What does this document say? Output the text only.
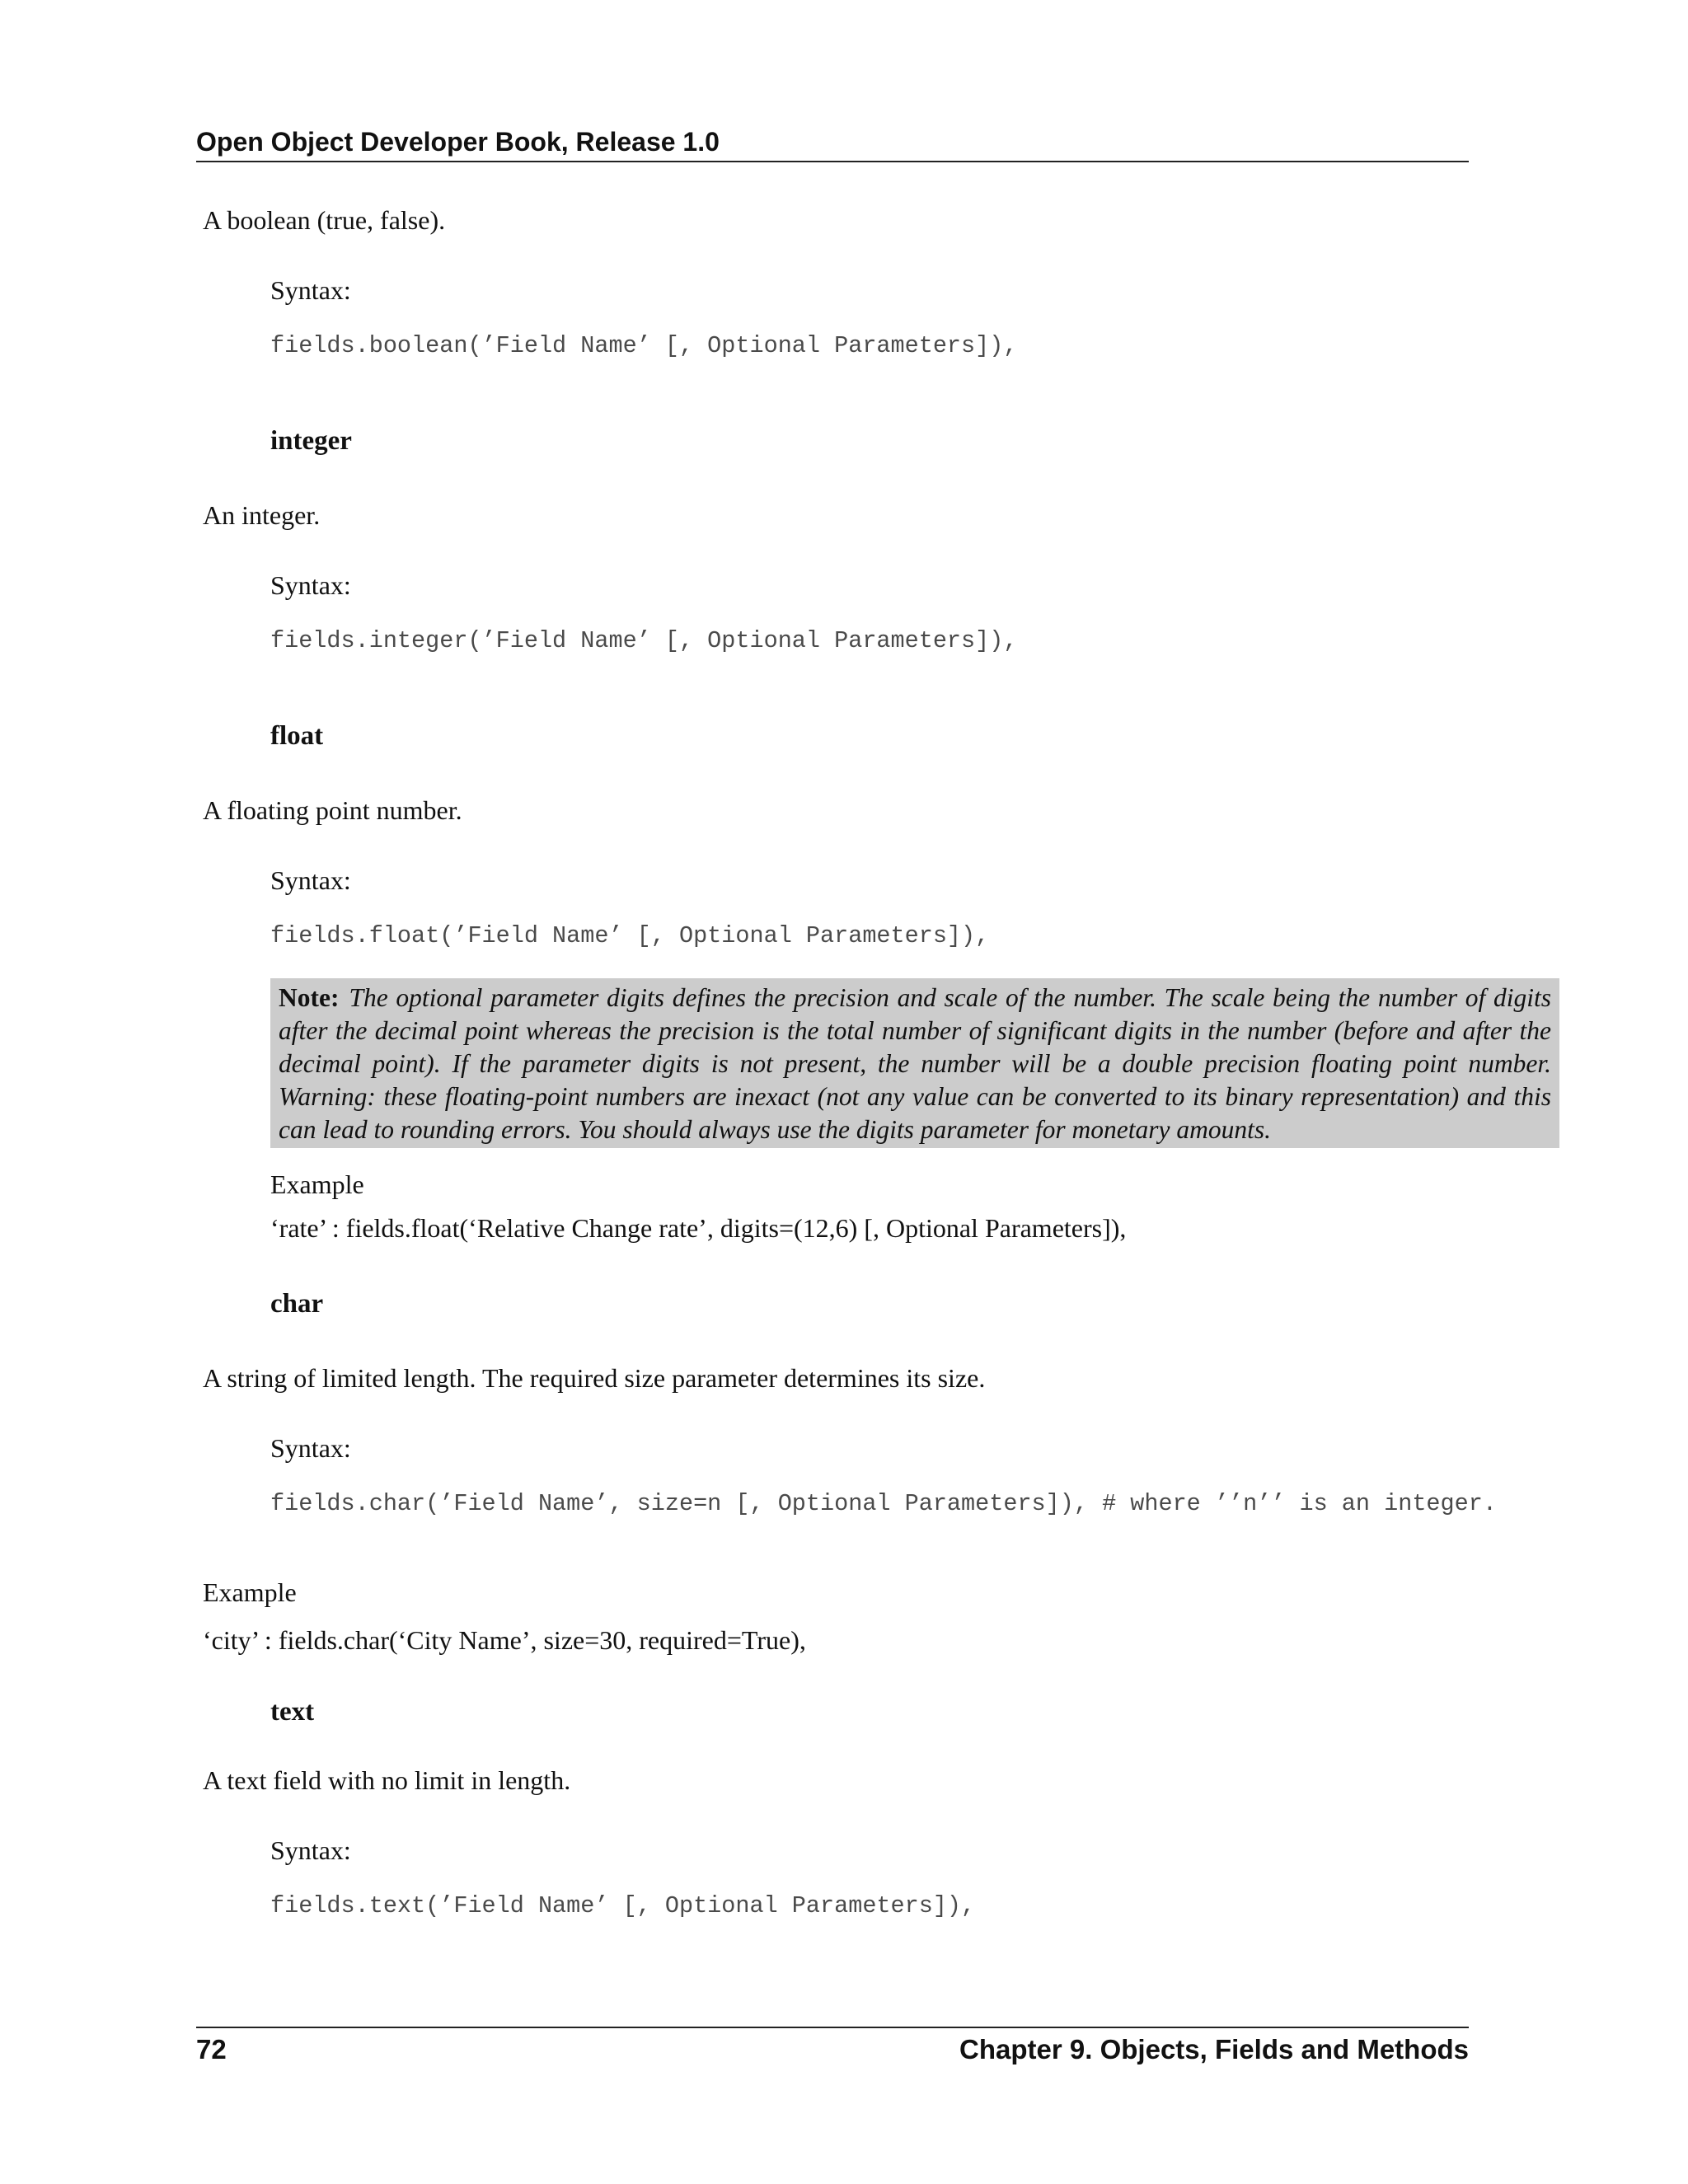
Open Object Developer Book, Release 1.0

A boolean (true, false).

Syntax:

fields.boolean(’Field Name’ [, Optional Parameters]),
integer

An integer.

Syntax:

fields.integer(’Field Name’ [, Optional Parameters]),
float

A floating point number.

Syntax:

fields.float(’Field Name’ [, Optional Parameters]),
Note: The optional parameter digits defines the precision and scale of the number. The scale being the number of digits after the decimal point whereas the precision is the total number of significant digits in the number (before and after the decimal point). If the parameter digits is not present, the number will be a double precision floating point number. Warning: these floating-point numbers are inexact (not any value can be converted to its binary representation) and this can lead to rounding errors. You should always use the digits parameter for monetary amounts.

Example

‘rate’ : fields.float(‘Relative Change rate’, digits=(12,6) [, Optional Parameters]),

char

A string of limited length. The required size parameter determines its size.

Syntax:

fields.char(’Field Name’, size=n [, Optional Parameters]), # where ’’n’’ is an integer.

Example

‘city’ : fields.char(‘City Name’, size=30, required=True),

text

A text field with no limit in length.

Syntax:

fields.text(’Field Name’ [, Optional Parameters]),
72	Chapter 9. Objects, Fields and Methods
